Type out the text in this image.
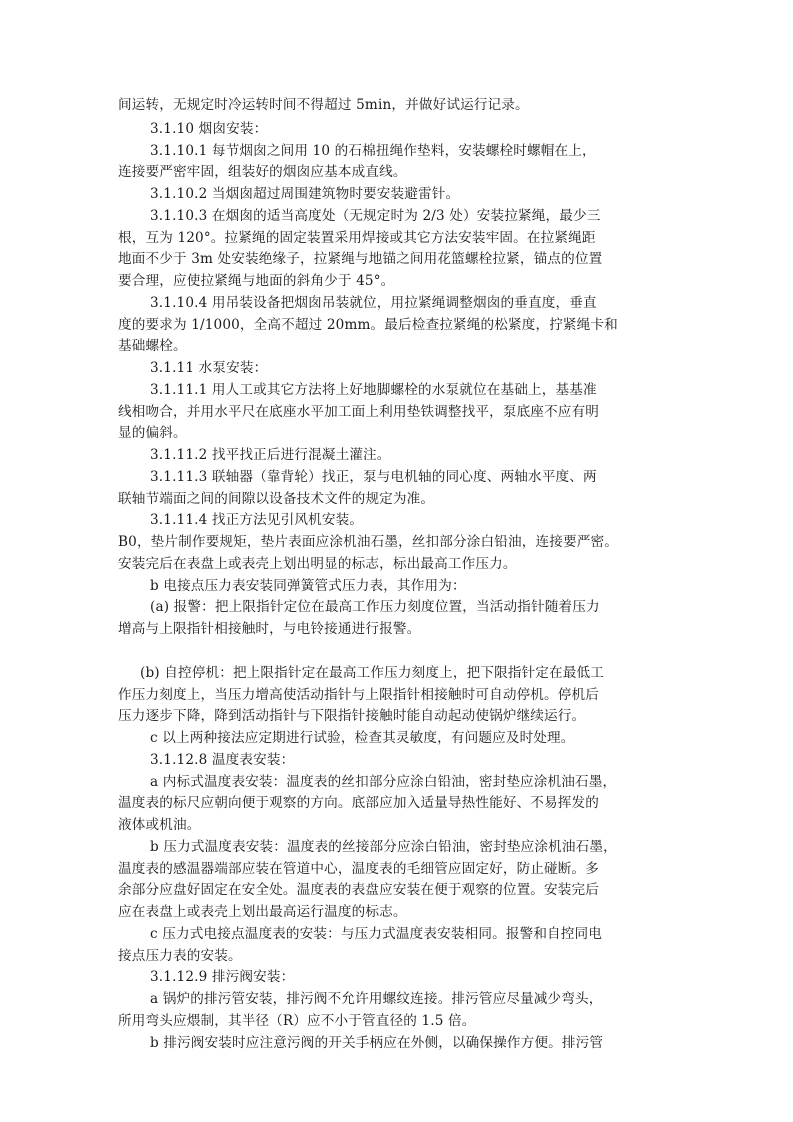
间运转，无规定时冷运转时间不得超过 5min，并做好试运行记录。
3.1.10 烟囱安装：
3.1.10.1 每节烟囱之间用 10 的石棉扭绳作垫料，安装螺栓时螺帽在上，
连接要严密牢固，组装好的烟囱应基本成直线。
3.1.10.2 当烟囱超过周围建筑物时要安装避雷针。
3.1.10.3 在烟囱的适当高度处（无规定时为 2/3 处）安装拉紧绳，最少三
根，互为 120°。拉紧绳的固定装置采用焊接或其它方法安装牢固。在拉紧绳距
地面不少于 3m 处安装绝缘子，拉紧绳与地锚之间用花篮螺栓拉紧，锚点的位置
要合理，应使拉紧绳与地面的斜角少于 45°。
3.1.10.4 用吊装设备把烟囱吊装就位，用拉紧绳调整烟囱的垂直度，垂直
度的要求为 1/1000，全高不超过 20mm。最后检查拉紧绳的松紧度，拧紧绳卡和
基础螺栓。
3.1.11 水泵安装：
3.1.11.1 用人工或其它方法将上好地脚螺栓的水泵就位在基础上，基基准
线相吻合，并用水平尺在底座水平加工面上利用垫铁调整找平，泵底座不应有明
显的偏斜。
3.1.11.2 找平找正后进行混凝土灌注。
3.1.11.3 联轴器（靠背轮）找正，泵与电机轴的同心度、两轴水平度、两
联轴节端面之间的间隙以设备技术文件的规定为准。
3.1.11.4 找正方法见引风机安装。
B0，垫片制作要规矩，垫片表面应涂机油石墨，丝扣部分涂白铅油，连接要严密。
安装完后在表盘上或表壳上划出明显的标志，标出最高工作压力。
b 电接点压力表安装同弹簧管式压力表，其作用为：
(a) 报警：把上限指针定位在最高工作压力刻度位置，当活动指针随着压力
增高与上限指针相接触时，与电铃接通进行报警。
(b) 自控停机：把上限指针定在最高工作压力刻度上，把下限指针定在最低工
作压力刻度上，当压力增高使活动指针与上限指针相接触时可自动停机。停机后
压力逐步下降，降到活动指针与下限指针接触时能自动起动使锅炉继续运行。
c 以上两种接法应定期进行试验，检查其灵敏度，有问题应及时处理。
3.1.12.8 温度表安装：
a 内标式温度表安装：温度表的丝扣部分应涂白铅油，密封垫应涂机油石墨，
温度表的标尺应朝向便于观察的方向。底部应加入适量导热性能好、不易挥发的
液体或机油。
b 压力式温度表安装：温度表的丝接部分应涂白铅油，密封垫应涂机油石墨，
温度表的感温器端部应装在管道中心，温度表的毛细管应固定好，防止碰断。多
余部分应盘好固定在安全处。温度表的表盘应安装在便于观察的位置。安装完后
应在表盘上或表壳上划出最高运行温度的标志。
c 压力式电接点温度表的安装：与压力式温度表安装相同。报警和自控同电
接点压力表的安装。
3.1.12.9 排污阀安装：
a 锅炉的排污管安装，排污阀不允许用螺纹连接。排污管应尽量减少弯头，
所用弯头应煨制，其半径（R）应不小于管直径的 1.5 倍。
b 排污阀安装时应注意污阀的开关手柄应在外侧，以确保操作方便。排污管
